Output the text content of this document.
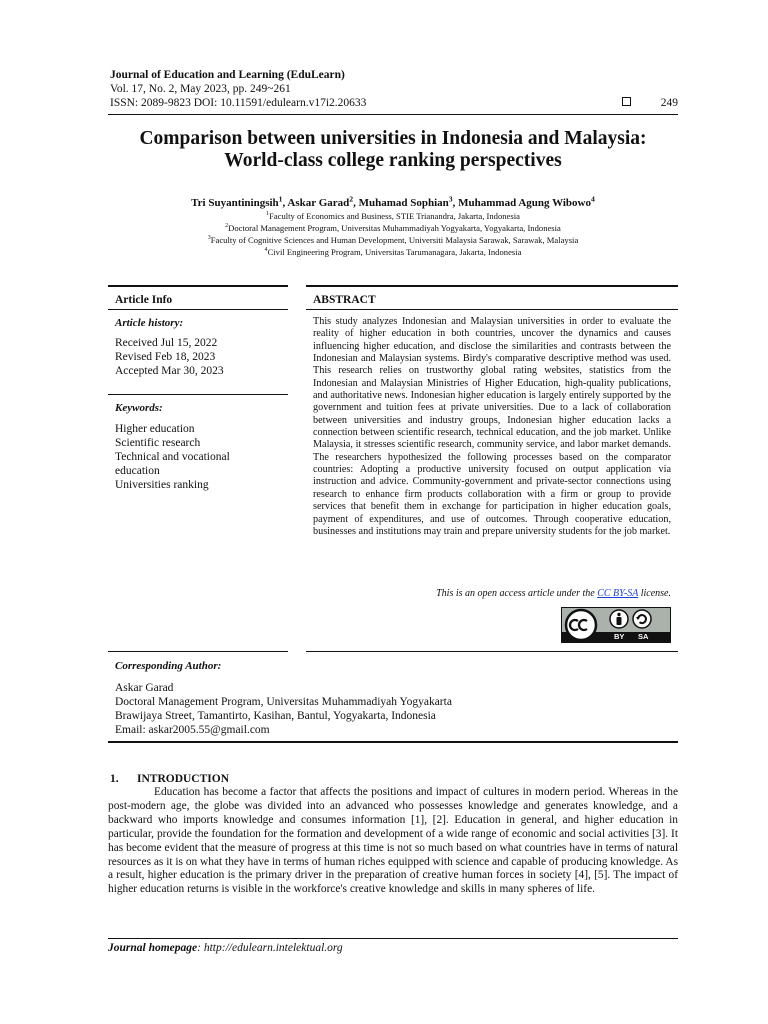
Journal of Education and Learning (EduLearn)
Vol. 17, No. 2, May 2023, pp. 249~261
ISSN: 2089-9823 DOI: 10.11591/edulearn.v17i2.20633	249
Comparison between universities in Indonesia and Malaysia:
World-class college ranking perspectives
Tri Suyantiningsih$^1$, Askar Garad$^2$, Muhamad Sophian$^3$, Muhammad Agung Wibowo$^4$
$^1$Faculty of Economics and Business, STIE Trianandra, Jakarta, Indonesia
$^2$Doctoral Management Program, Universitas Muhammadiyah Yogyakarta, Yogyakarta, Indonesia
$^3$Faculty of Cognitive Sciences and Human Development, Universiti Malaysia Sarawak, Sarawak, Malaysia
$^4$Civil Engineering Program, Universitas Tarumanagara, Jakarta, Indonesia
Article Info
Article history:
Received Jul 15, 2022
Revised Feb 18, 2023
Accepted Mar 30, 2023
Keywords:
Higher education
Scientific research
Technical and vocational
education
Universities ranking
ABSTRACT

This study analyzes Indonesian and Malaysian universities in order to evaluate the reality of higher education in both countries, uncover the dynamics and causes influencing higher education, and disclose the similarities and contrasts between the Indonesian and Malaysian systems. Birdy's comparative descriptive method was used. This research relies on trustworthy global rating websites, statistics from the Indonesian and Malaysian Ministries of Higher Education, high-quality publications, and authoritative news. Indonesian higher education is largely entirely supported by the government and tuition fees at private universities. Due to a lack of collaboration between universities and industry groups, Indonesian higher education lacks a connection between scientific research, technical education, and the job market. Unlike Malaysia, it stresses scientific research, community service, and labor market demands. The researchers hypothesized the following processes based on the comparator countries: Adopting a productive university focused on output application via instruction and advice. Community-government and private-sector connections using research to enhance firm products collaboration with a firm or group to provide services that benefit them in exchange for participation in higher education goals, payment of expenditures, and use of outcomes. Through cooperative education, businesses and institutions may train and prepare university students for the job market.

This is an open access article under the CC BY-SA license.
BY SA
Corresponding Author:
Askar Garad
Doctoral Management Program, Universitas Muhammadiyah Yogyakarta
Brawijaya Street, Tamantirto, Kasihan, Bantul, Yogyakarta, Indonesia
Email: askar2005.55@gmail.com
1. INTRODUCTION

Education has become a factor that affects the positions and impact of cultures in modern period. Whereas in the post-modern age, the globe was divided into an advanced who possesses knowledge and generates knowledge, and a backward who imports knowledge and consumes information [1], [2]. Education in general, and higher education in particular, provide the foundation for the formation and development of a wide range of economic and social activities [3]. It has become evident that the measure of progress at this time is not so much based on what countries have in terms of natural resources as it is on what they have in terms of human riches equipped with science and capable of producing knowledge. As a result, higher education is the primary driver in the preparation of creative human forces in society [4], [5]. The impact of higher education returns is visible in the workforce's creative knowledge and skills in many spheres of life.

Journal homepage: http://edulearn.intelektual.org
